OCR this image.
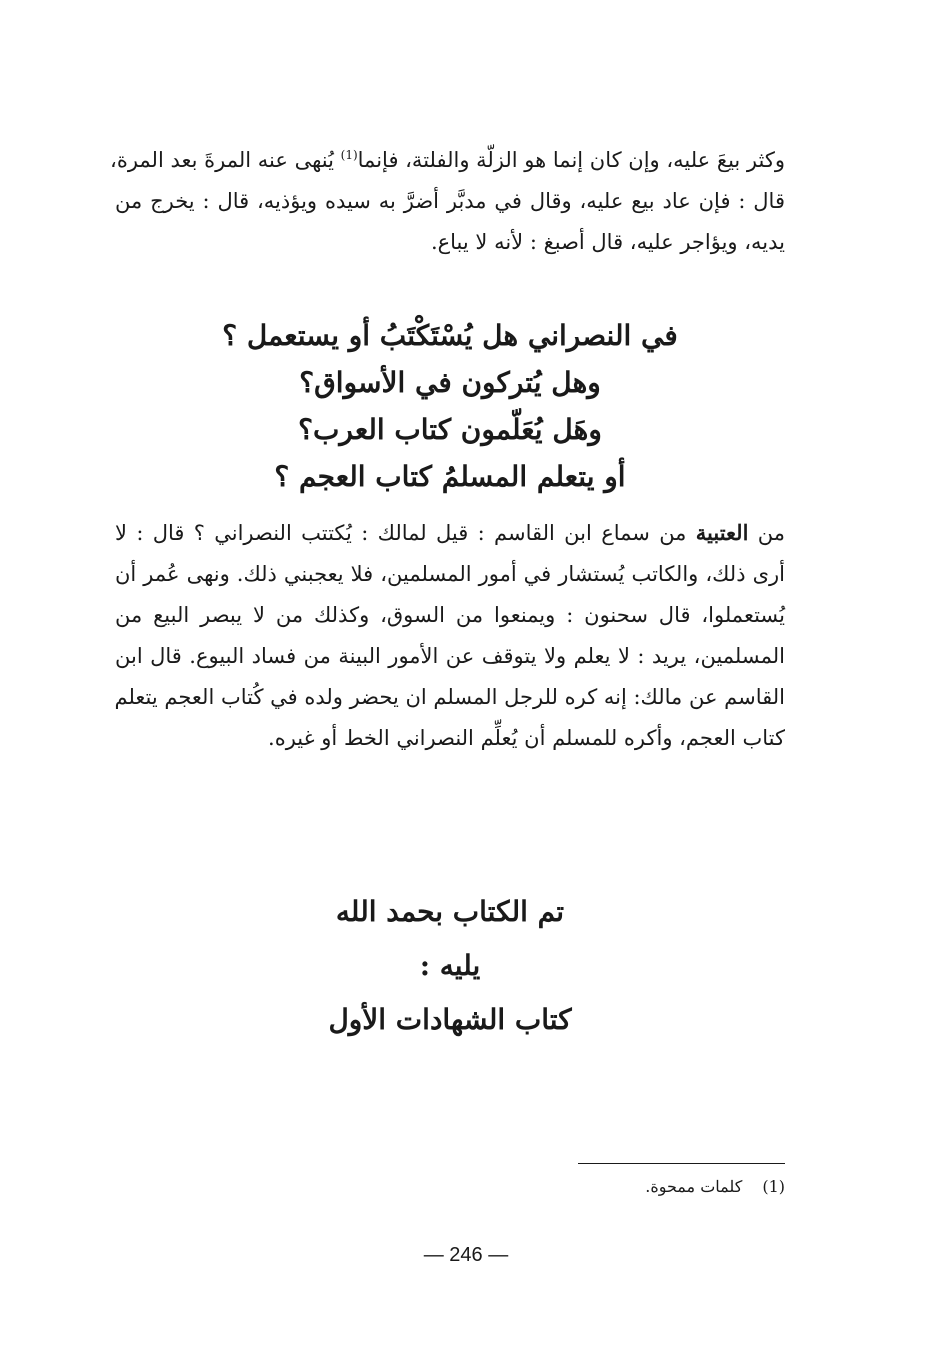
وكثر بيعَ عليه، وإن كان إنما هو الزلّة والفلتة، فإنما$^{(1)}$ يُنهى عنه المرةَ بعد المرة،
قال : فإن عاد بيع عليه، وقال في مدبَّر أضرَّ به سيده ويؤذيه، قال : يخرج من
يديه، ويؤاجر عليه، قال أصبغ : لأنه لا يباع.
في النصراني هل يُسْتَكْتَبُ أو يستعمل ؟
وهل يُتركون في الأسواق؟
وهَل يُعَلّمون كتاب العرب؟
أو يتعلم المسلمُ كتاب العجم ؟
من العتبية من سماع ابن القاسم : قيل لمالك : يُكتتب النصراني ؟ قال : لا
أرى ذلك، والكاتب يُستشار في أمور المسلمين، فلا يعجبني ذلك. ونهى عُمر أن
يُستعملوا، قال سحنون : ويمنعوا من السوق، وكذلك من لا يبصر البيع من
المسلمين، يريد : لا يعلم ولا يتوقف عن الأمور البينة من فساد البيوع. قال ابن
القاسم عن مالك: إنه كره للرجل المسلم ان يحضر ولده في كُتاب العجم يتعلم
كتاب العجم، وأكره للمسلم أن يُعلِّم النصراني الخط أو غيره.
تم الكتاب بحمد الله
يليه :
كتاب الشهادات الأول
(1)كلمات ممحوة.
— 246 —
